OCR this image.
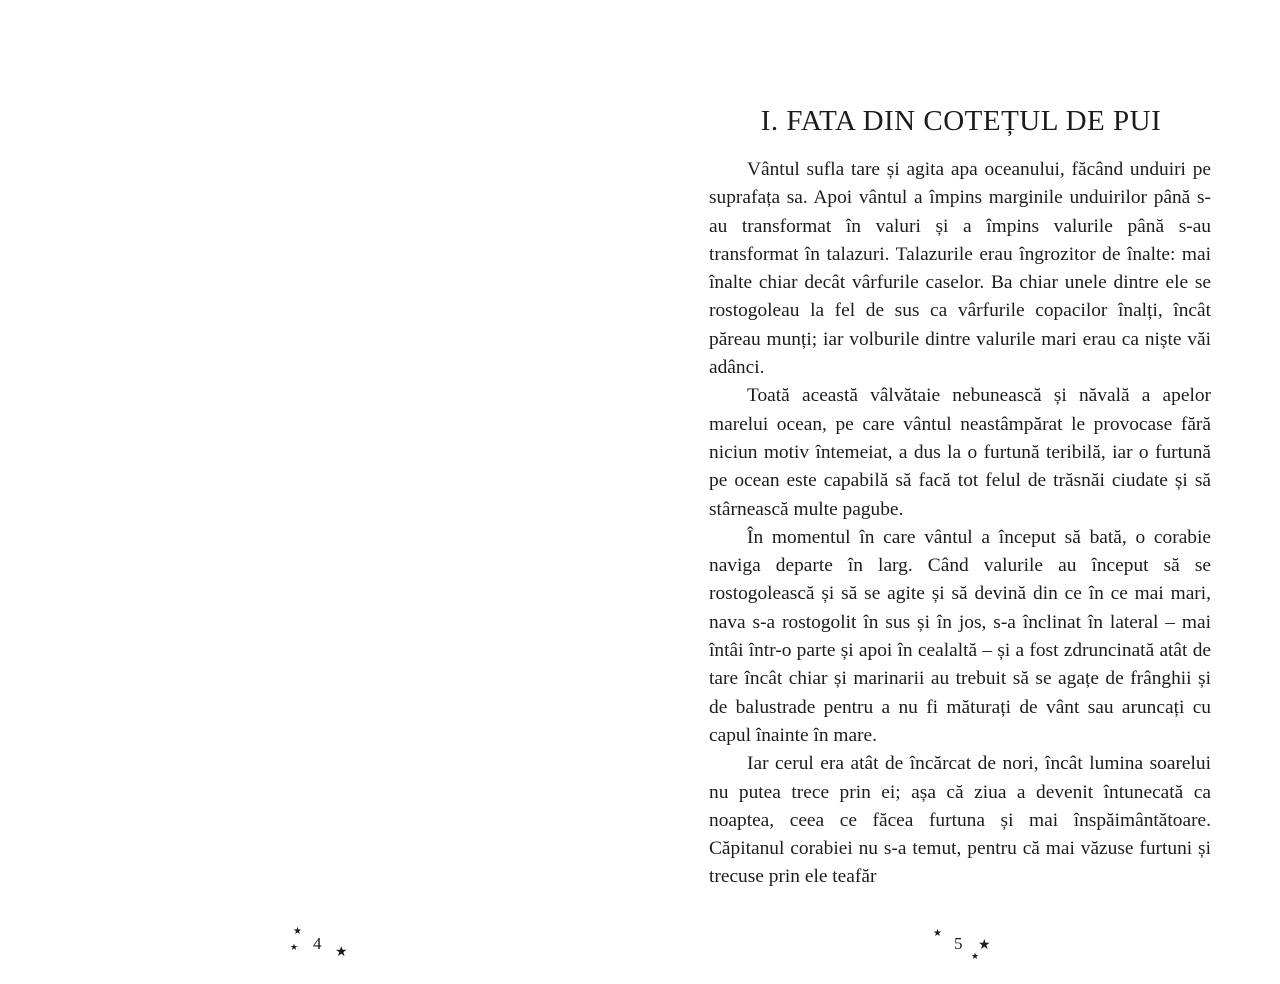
★
★ 4 ★
I. FATA DIN COTEȚUL DE PUI

Vântul sufla tare și agita apa oceanului, făcând unduiri pe suprafața sa. Apoi vântul a împins marginile unduirilor până s-au transformat în valuri și a împins valurile până s-au transformat în talazuri. Talazurile erau îngrozitor de înalte: mai înalte chiar decât vârfurile caselor. Ba chiar unele dintre ele se rostogoleau la fel de sus ca vârfurile copacilor înalți, încât păreau munți; iar volburile dintre valurile mari erau ca niște văi adânci.

Toată această vâlvătaie nebunească și năvală a apelor marelui ocean, pe care vântul neastâmpărat le provocase fără niciun motiv întemeiat, a dus la o furtună teribilă, iar o furtună pe ocean este capabilă să facă tot felul de trăsnăi ciudate și să stârnească multe pagube.

În momentul în care vântul a început să bată, o corabie naviga departe în larg. Când valurile au început să se rostogolească și să se agite și să devină din ce în ce mai mari, nava s-a rostogolit în sus și în jos, s-a înclinat în lateral – mai întâi într-o parte și apoi în cealaltă – și a fost zdruncinată atât de tare încât chiar și marinarii au trebuit să se agațe de frânghii și de balustrade pentru a nu fi măturați de vânt sau aruncați cu capul înainte în mare.

Iar cerul era atât de încărcat de nori, încât lumina soarelui nu putea trece prin ei; așa că ziua a devenit întunecată ca noaptea, ceea ce făcea furtuna și mai înspăimântătoare. Căpitanul corabiei nu s-a temut, pentru că mai văzuse furtuni și trecuse prin ele teafăr

★
5 ★
★
